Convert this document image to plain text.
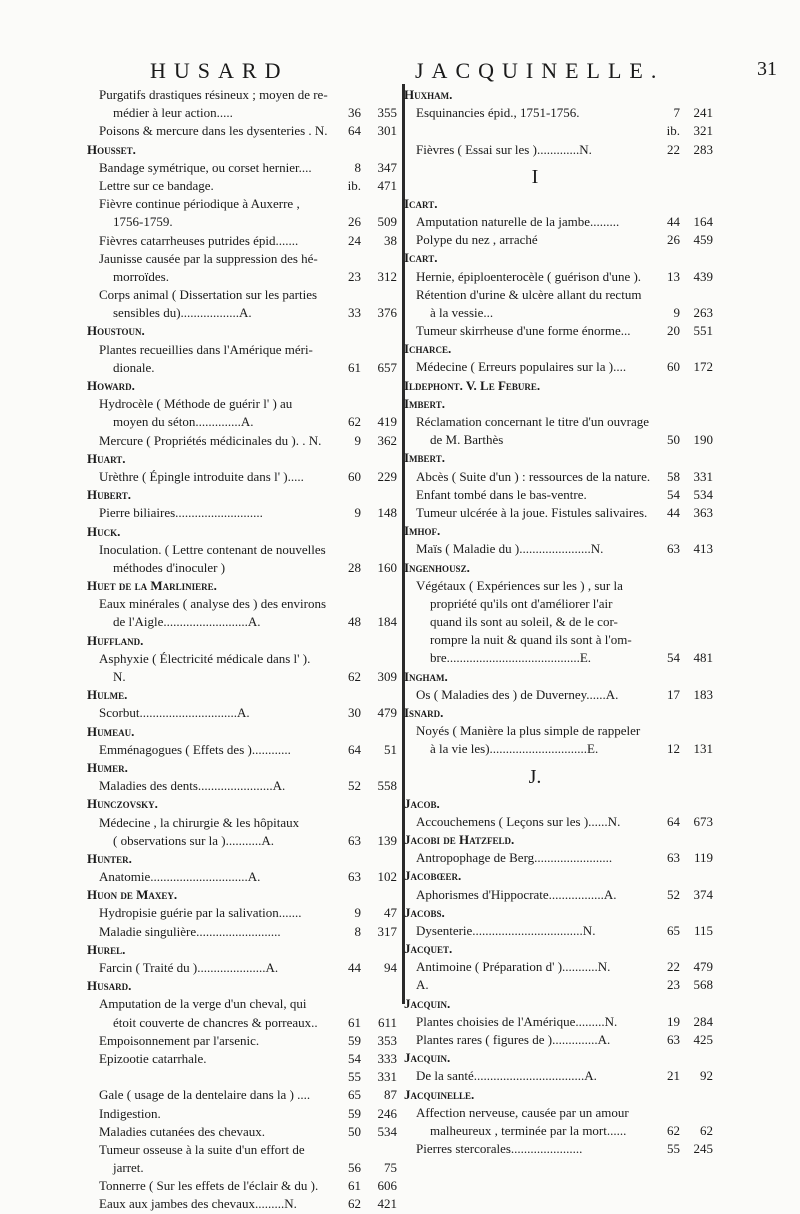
HUSARD	JACQUINELLE.	31
Purgatifs drastiques résineux ; moyen de re-
médier à leur action.....	36	355
Poisons & mercure dans les dysenteries . N.	64	301
Housset.
Bandage symétrique, ou corset hernier....	8	347
Lettre sur ce bandage.	ib.	471
Fièvre continue périodique à Auxerre ,
1756-1759.	26	509
Fièvres catarrheuses putrides épid.......	24	38
Jaunisse causée par la suppression des hé-
morroïdes.	23	312
Corps animal ( Dissertation sur les parties
sensibles du)..................A.	33	376
Houstoun.
Plantes recueillies dans l'Amérique méri-
dionale.	61	657
Howard.
Hydrocèle ( Méthode de guérir l' ) au
moyen du séton..............A.	62	419
Mercure ( Propriétés médicinales du ). . N.	9	362
Huart.
Urèthre ( Épingle introduite dans l' ).....	60	229
Hubert.
Pierre biliaires...........................	9	148
Huck.
Inoculation. ( Lettre contenant de nouvelles
méthodes d'inoculer )	28	160
Huet de la Marliniere.
Eaux minérales ( analyse des ) des environs
de l'Aigle..........................A.	48	184
Huffland.
Asphyxie ( Électricité médicale dans l' ).
N.	62	309
Hulme.
Scorbut..............................A.	30	479
Humeau.
Emménagogues ( Effets des )............	64	51
Humer.
Maladies des dents.......................A.	52	558
Hunczovsky.
Médecine , la chirurgie & les hôpitaux
( observations sur la )...........A.	63	139
Hunter.
Anatomie..............................A.	63	102
Huon de Maxey.
Hydropisie guérie par la salivation.......	9	47
Maladie singulière..........................	8	317
Hurel.
Farcin ( Traité du ).....................A.	44	94
Husard.
Amputation de la verge d'un cheval, qui
étoit couverte de chancres & porreaux..	61	611
Empoisonnement par l'arsenic.	59	353
Epizootie catarrhale.	54	333
55	331
Gale ( usage de la dentelaire dans la ) ....	65	87
Indigestion.	59	246
Maladies cutanées des chevaux.	50	534
Tumeur osseuse à la suite d'un effort de
jarret.	56	75
Tonnerre ( Sur les effets de l'éclair & du ).	61	606
Eaux aux jambes des chevaux.........N.	62	421
Huxham.
Esquinancies épid., 1751-1756.	7	241
ib.	321
Fièvres ( Essai sur les ).............N.	22	283
I
Icart.
Amputation naturelle de la jambe.........	44	164
Polype du nez , arraché	26	459
Icart.
Hernie, épiploenterocèle ( guérison d'une ).	13	439
Rétention d'urine & ulcère allant du rectum
à la vessie...	9	263
Tumeur skirrheuse d'une forme énorme...	20	551
Icharce.
Médecine ( Erreurs populaires sur la )....	60	172
Ildephont. V. Le Febure.
Imbert.
Réclamation concernant le titre d'un ouvrage
de M. Barthès	50	190
Imbert.
Abcès ( Suite d'un ) : ressources de la nature.	58	331
Enfant tombé dans le bas-ventre.	54	534
Tumeur ulcérée à la joue. Fistules salivaires.	44	363
Imhof.
Maïs ( Maladie du )......................N.	63	413
Ingenhousz.
Végétaux ( Expériences sur les ) , sur la
propriété qu'ils ont d'améliorer l'air
quand ils sont au soleil, & de le cor-
rompre la nuit & quand ils sont à l'om-
bre.........................................E.	54	481
Ingham.
Os ( Maladies des ) de Duverney......A.	17	183
Isnard.
Noyés ( Manière la plus simple de rappeler
à la vie les)..............................E.	12	131
J.
Jacob.
Accouchemens ( Leçons sur les )......N.	64	673
Jacobi de Hatzfeld.
Antropophage de Berg........................	63	119
Jacobœer.
Aphorismes d'Hippocrate.................A.	52	374
Jacobs.
Dysenterie..................................N.	65	115
Jacquet.
Antimoine ( Préparation d' )...........N.	22	479
A.	23	568
Jacquin.
Plantes choisies de l'Amérique.........N.	19	284
Plantes rares ( figures de )..............A.	63	425
Jacquin.
De la santé..................................A.	21	92
Jacquinelle.
Affection nerveuse, causée par un amour
malheureux , terminée par la mort......	62	62
Pierres stercorales......................	55	245
